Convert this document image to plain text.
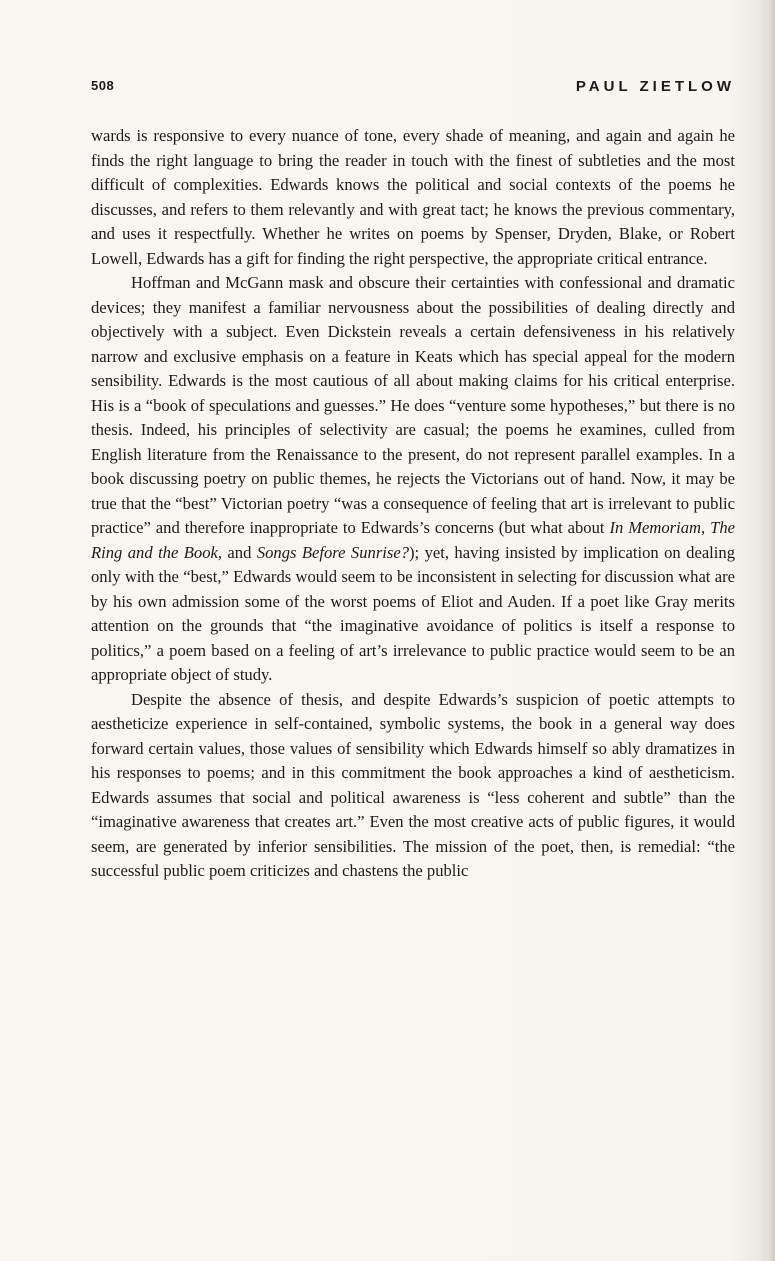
508	PAUL ZIETLOW

wards is responsive to every nuance of tone, every shade of meaning, and again and again he finds the right language to bring the reader in touch with the finest of subtleties and the most difficult of complexities. Edwards knows the political and social contexts of the poems he discusses, and refers to them relevantly and with great tact; he knows the previous commentary, and uses it respectfully. Whether he writes on poems by Spenser, Dryden, Blake, or Robert Lowell, Edwards has a gift for finding the right perspective, the appropriate critical entrance.

Hoffman and McGann mask and obscure their certainties with confessional and dramatic devices; they manifest a familiar nervousness about the possibilities of dealing directly and objectively with a subject. Even Dickstein reveals a certain defensiveness in his relatively narrow and exclusive emphasis on a feature in Keats which has special appeal for the modern sensibility. Edwards is the most cautious of all about making claims for his critical enterprise. His is a “book of speculations and guesses.” He does “venture some hypotheses,” but there is no thesis. Indeed, his principles of selectivity are casual; the poems he examines, culled from English literature from the Renaissance to the present, do not represent parallel examples. In a book discussing poetry on public themes, he rejects the Victorians out of hand. Now, it may be true that the “best” Victorian poetry “was a consequence of feeling that art is irrelevant to public practice” and therefore inappropriate to Edwards’s concerns (but what about In Memoriam, The Ring and the Book, and Songs Before Sunrise?); yet, having insisted by implication on dealing only with the “best,” Edwards would seem to be inconsistent in selecting for discussion what are by his own admission some of the worst poems of Eliot and Auden. If a poet like Gray merits attention on the grounds that “the imaginative avoidance of politics is itself a response to politics,” a poem based on a feeling of art’s irrelevance to public practice would seem to be an appropriate object of study.

Despite the absence of thesis, and despite Edwards’s suspicion of poetic attempts to aestheticize experience in self-contained, symbolic systems, the book in a general way does forward certain values, those values of sensibility which Edwards himself so ably dramatizes in his responses to poems; and in this commitment the book approaches a kind of aestheticism. Edwards assumes that social and political awareness is “less coherent and subtle” than the “imaginative awareness that creates art.” Even the most creative acts of public figures, it would seem, are generated by inferior sensibilities. The mission of the poet, then, is remedial: “the successful public poem criticizes and chastens the public
